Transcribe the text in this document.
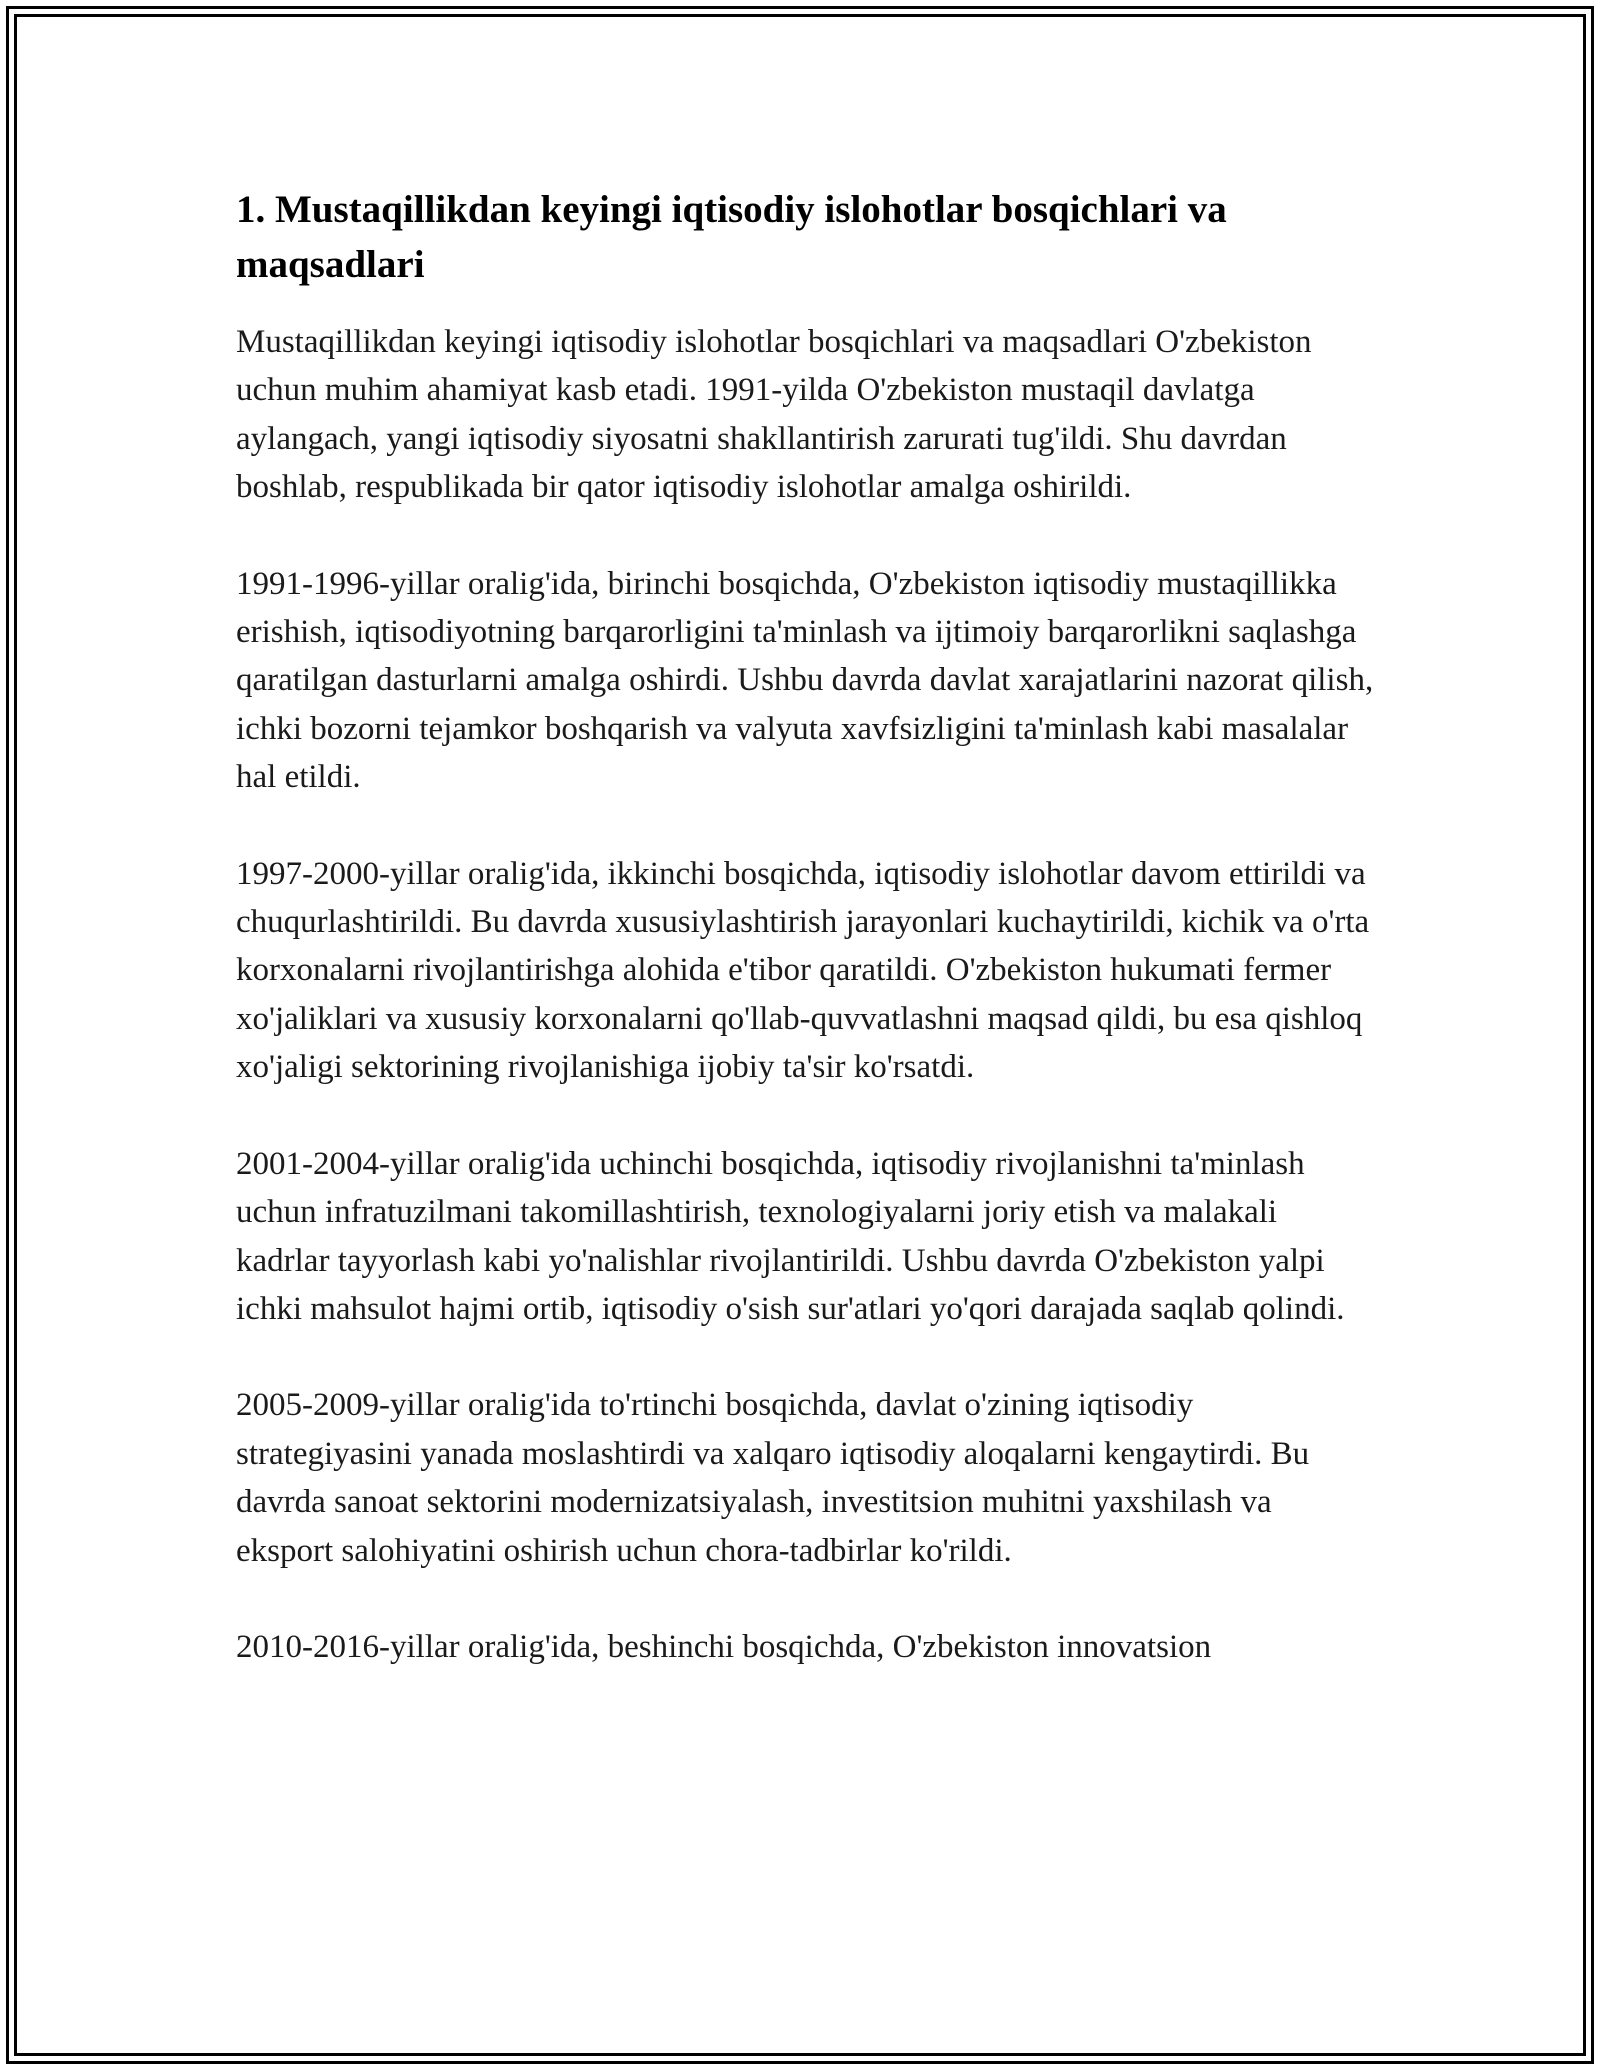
1. Mustaqillikdan keyingi iqtisodiy islohotlar bosqichlari va maqsadlari

Mustaqillikdan keyingi iqtisodiy islohotlar bosqichlari va maqsadlari O'zbekiston uchun muhim ahamiyat kasb etadi. 1991-yilda O'zbekiston mustaqil davlatga aylangach, yangi iqtisodiy siyosatni shakllantirish zarurati tug'ildi. Shu davrdan boshlab, respublikada bir qator iqtisodiy islohotlar amalga oshirildi.

1991-1996-yillar oralig'ida, birinchi bosqichda, O'zbekiston iqtisodiy mustaqillikka erishish, iqtisodiyotning barqarorligini ta'minlash va ijtimoiy barqarorlikni saqlashga qaratilgan dasturlarni amalga oshirdi. Ushbu davrda davlat xarajatlarini nazorat qilish, ichki bozorni tejamkor boshqarish va valyuta xavfsizligini ta'minlash kabi masalalar hal etildi.

1997-2000-yillar oralig'ida, ikkinchi bosqichda, iqtisodiy islohotlar davom ettirildi va chuqurlashtirildi. Bu davrda xususiylashtirish jarayonlari kuchaytirildi, kichik va o'rta korxonalarni rivojlantirishga alohida e'tibor qaratildi. O'zbekiston hukumati fermer xo'jaliklari va xususiy korxonalarni qo'llab-quvvatlashni maqsad qildi, bu esa qishloq xo'jaligi sektorining rivojlanishiga ijobiy ta'sir ko'rsatdi.

2001-2004-yillar oralig'ida uchinchi bosqichda, iqtisodiy rivojlanishni ta'minlash uchun infratuzilmani takomillashtirish, texnologiyalarni joriy etish va malakali kadrlar tayyorlash kabi yo'nalishlar rivojlantirildi. Ushbu davrda O'zbekiston yalpi ichki mahsulot hajmi ortib, iqtisodiy o'sish sur'atlari yo'qori darajada saqlab qolindi.

2005-2009-yillar oralig'ida to'rtinchi bosqichda, davlat o'zining iqtisodiy strategiyasini yanada moslashtirdi va xalqaro iqtisodiy aloqalarni kengaytirdi. Bu davrda sanoat sektorini modernizatsiyalash, investitsion muhitni yaxshilash va eksport salohiyatini oshirish uchun chora-tadbirlar ko'rildi.

2010-2016-yillar oralig'ida, beshinchi bosqichda, O'zbekiston innovatsion
